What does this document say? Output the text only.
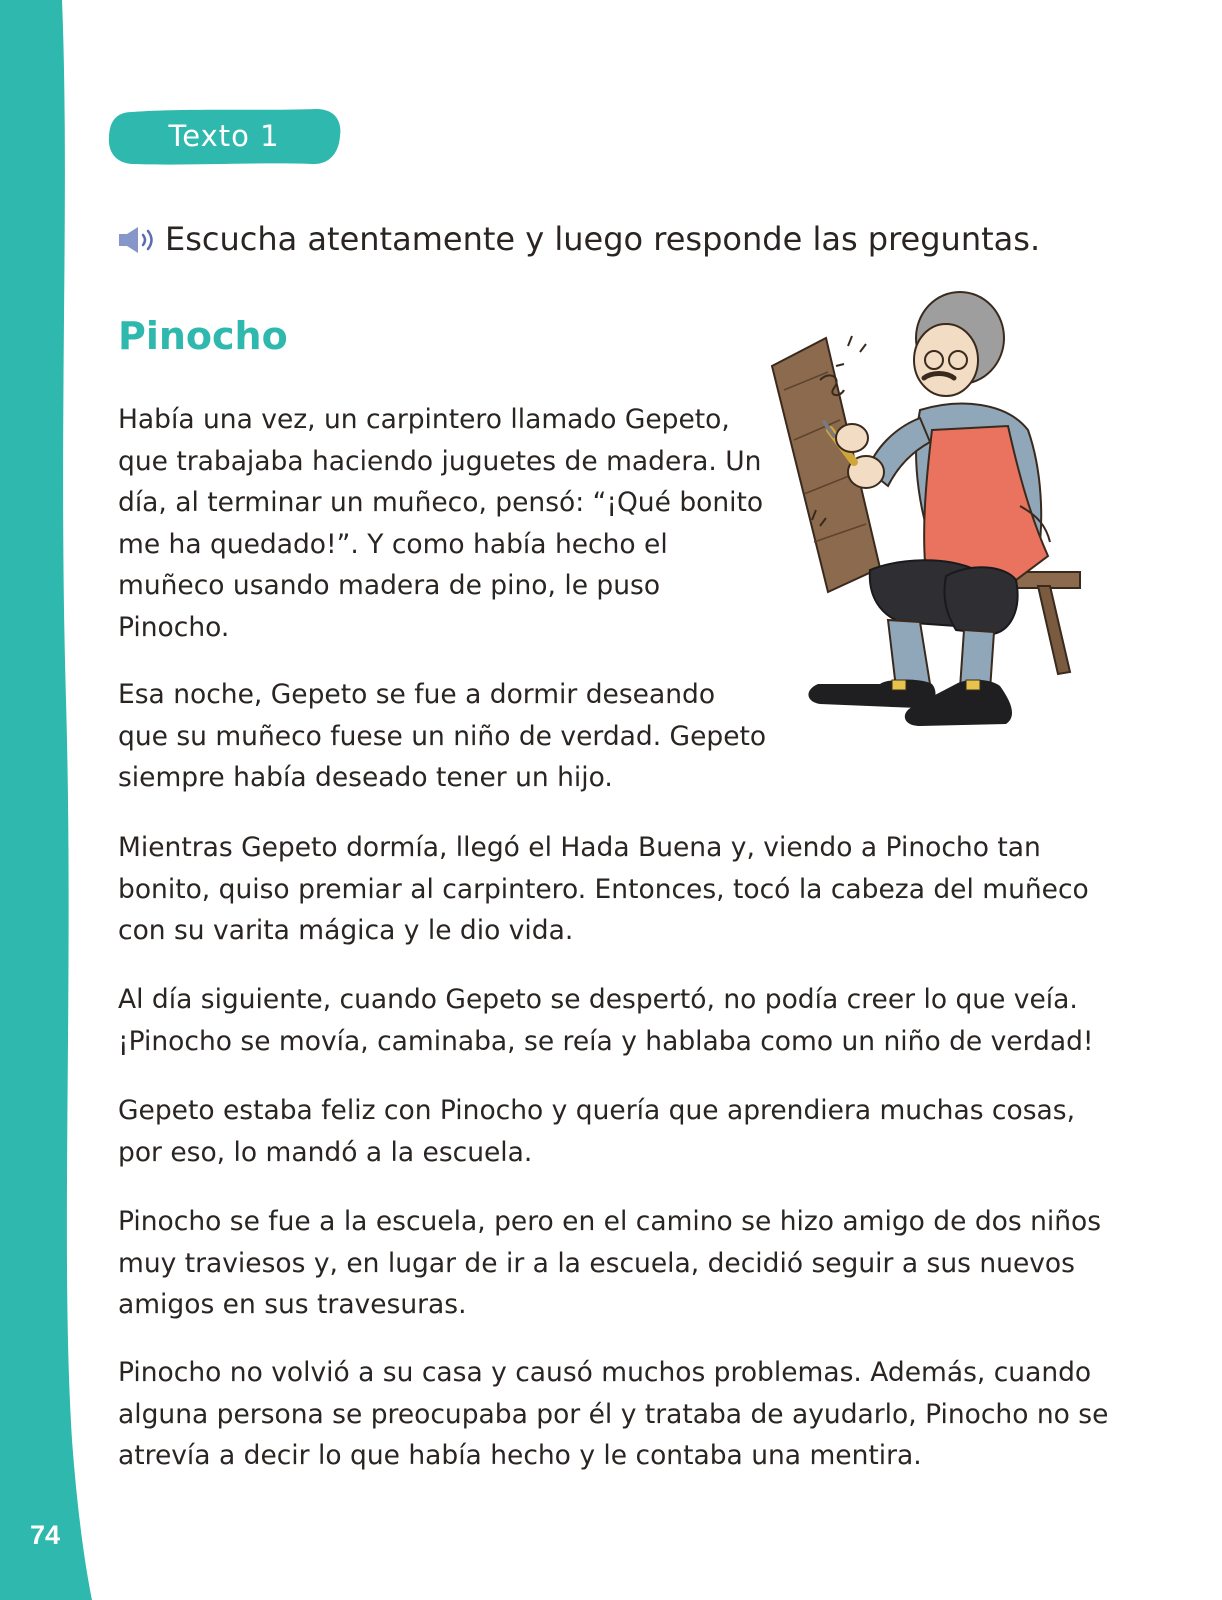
74
Texto 1
Escucha atentamente y luego responde las preguntas.
Pinocho

Había una vez, un carpintero llamado Gepeto, que trabajaba haciendo juguetes de madera. Un día, al terminar un muñeco, pensó: “¡Qué bonito me ha quedado!”. Y como había hecho el muñeco usando madera de pino, le puso Pinocho.

Esa noche, Gepeto se fue a dormir deseando que su muñeco fuese un niño de verdad. Gepeto siempre había deseado tener un hijo.

Mientras Gepeto dormía, llegó el Hada Buena y, viendo a Pinocho tan bonito, quiso premiar al carpintero. Entonces, tocó la cabeza del muñeco con su varita mágica y le dio vida.

Al día siguiente, cuando Gepeto se despertó, no podía creer lo que veía. ¡Pinocho se movía, caminaba, se reía y hablaba como un niño de verdad!

Gepeto estaba feliz con Pinocho y quería que aprendiera muchas cosas, por eso, lo mandó a la escuela.

Pinocho se fue a la escuela, pero en el camino se hizo amigo de dos niños muy traviesos y, en lugar de ir a la escuela, decidió seguir a sus nuevos amigos en sus travesuras.

Pinocho no volvió a su casa y causó muchos problemas. Además, cuando alguna persona se preocupaba por él y trataba de ayudarlo, Pinocho no se atrevía a decir lo que había hecho y le contaba una mentira.
